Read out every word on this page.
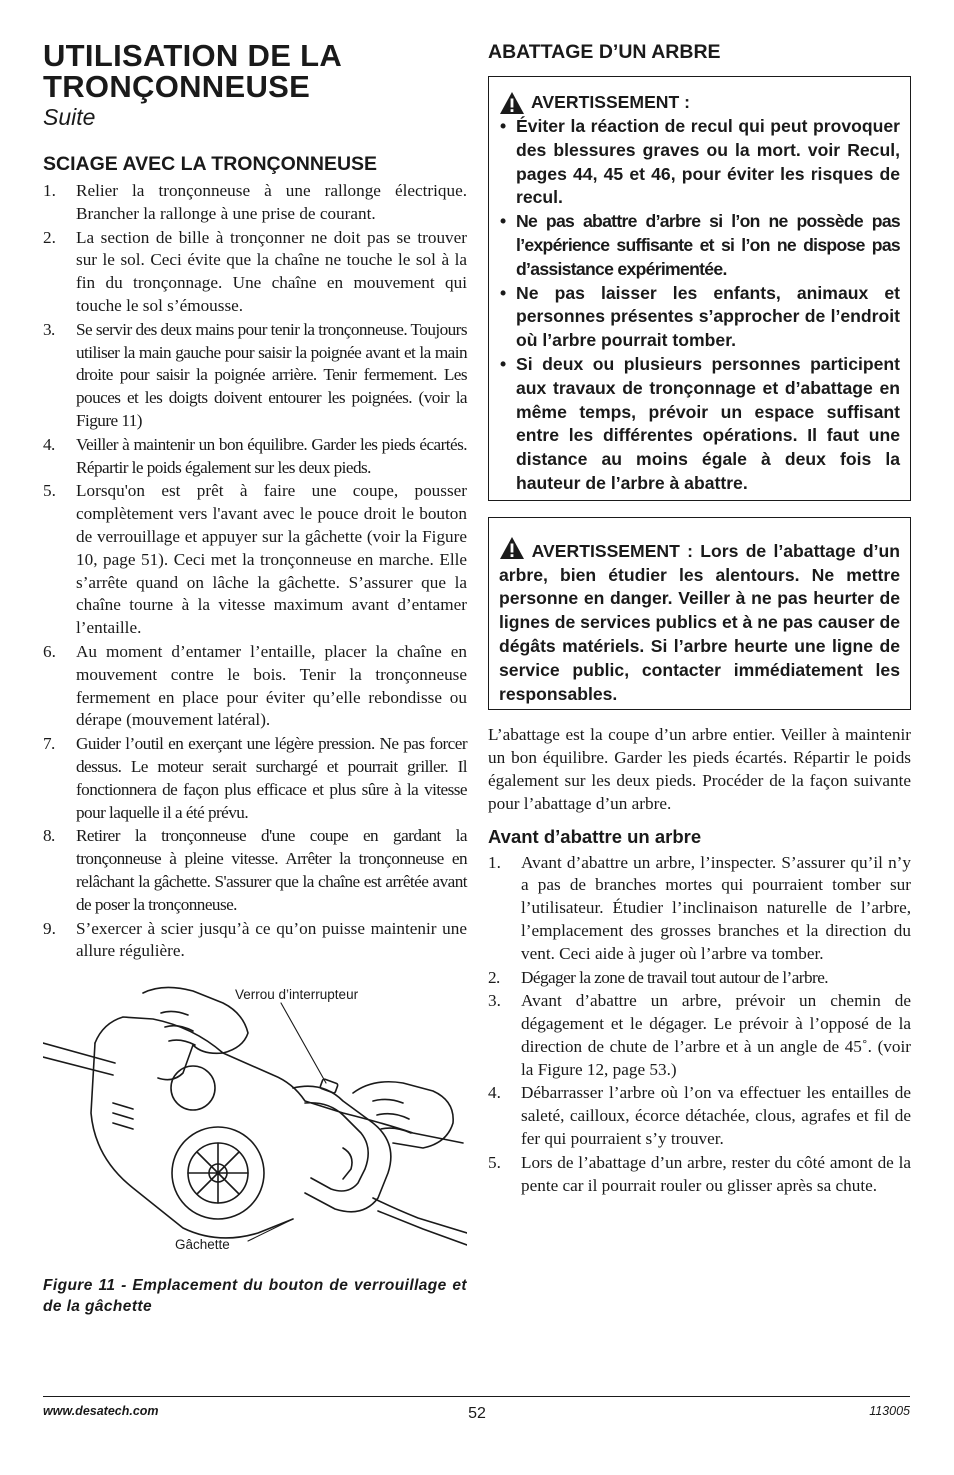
UTILISATION DE LA
TRONÇONNEUSE
Suite
SCIAGE AVEC LA TRONÇONNEUSE
1. Relier la tronçonneuse à une rallonge électrique. Brancher la rallonge à une prise de courant.
2. La section de bille à tronçonner ne doit pas se trouver sur le sol. Ceci évite que la chaîne ne touche le sol à la fin du tronçonnage. Une chaîne en mouvement qui touche le sol s’émousse.
3. Se servir des deux mains pour tenir la tronçonneuse. Toujours utiliser la main gauche pour saisir la poignée avant et la main droite pour saisir la poignée arrière. Tenir fermement. Les pouces et les doigts doivent entourer les poignées. (voir la Figure 11)
4. Veiller à maintenir un bon équilibre. Garder les pieds écartés. Répartir le poids également sur les deux pieds.
5. Lorsqu'on est prêt à faire une coupe, pousser complètement vers l'avant avec le pouce droit le bouton de verrouillage et appuyer sur la gâchette (voir la Figure 10, page 51). Ceci met la tronçonneuse en marche. Elle s’arrête quand on lâche la gâchette. S’assurer que la chaîne tourne à la vitesse maximum avant d’entamer l’entaille.
6. Au moment d’entamer l’entaille, placer la chaîne en mouvement contre le bois. Tenir la tronçonneuse fermement en place pour éviter qu’elle rebondisse ou dérape (mouvement latéral).
7. Guider l’outil en exerçant une légère pression. Ne pas forcer dessus. Le moteur serait surchargé et pourrait griller. Il fonctionnera de façon plus efficace et plus sûre à la vitesse pour laquelle il a été prévu.
8. Retirer la tronçonneuse d'une coupe en gardant la tronçonneuse à pleine vitesse. Arrêter la tronçonneuse en relâchant la gâchette. S'assurer que la chaîne est arrêtée avant de poser la tronçonneuse.
9. S’exercer à scier jusqu’à ce qu’on puisse maintenir une allure régulière.
Verrou d’interrupteur
Gâchette
Figure 11 - Emplacement du bouton de verrouillage et de la gâchette
ABATTAGE D’UN ARBRE
AVERTISSEMENT :
• Éviter la réaction de recul qui peut provoquer des blessures graves ou la mort. voir Recul, pages 44, 45 et 46, pour éviter les risques de recul.
• Ne pas abattre d’arbre si l’on ne possède pas l’expérience suffisante et si l’on ne dispose pas d’assistance expérimentée.
• Ne pas laisser les enfants, animaux et personnes présentes s’approcher de l’endroit où l’arbre pourrait tomber.
• Si deux ou plusieurs personnes participent aux travaux de tronçonnage et d’abattage en même temps, prévoir un espace suffisant entre les différentes opérations. Il faut une distance au moins égale à deux fois la hauteur de l’arbre à abattre.
AVERTISSEMENT : Lors de l’abattage d’un arbre, bien étudier les alentours. Ne mettre personne en danger. Veiller à ne pas heurter de lignes de services publics et à ne pas causer de dégâts matériels. Si l’arbre heurte une ligne de service public, contacter immédiatement les responsables.
L’abattage est la coupe d’un arbre entier. Veiller à maintenir un bon équilibre. Garder les pieds écartés. Répartir le poids également sur les deux pieds. Procéder de la façon suivante pour l’abattage d’un arbre.
Avant d’abattre un arbre
1. Avant d’abattre un arbre, l’inspecter. S’assurer qu’il n’y a pas de branches mortes qui pourraient tomber sur l’utilisateur. Étudier l’inclinaison naturelle de l’arbre, l’emplacement des grosses branches et la direction du vent. Ceci aide à juger où l’arbre va tomber.
2. Dégager la zone de travail tout autour de l’arbre.
3. Avant d’abattre un arbre, prévoir un chemin de dégagement et le dégager. Le prévoir à l’opposé de la direction de chute de l’arbre et à un angle de 45˚. (voir la Figure 12, page 53.)
4. Débarrasser l’arbre où l’on va effectuer les entailles de saleté, cailloux, écorce détachée, clous, agrafes et fil de fer qui pourraient s’y trouver.
5. Lors de l’abattage d’un arbre, rester du côté amont de la pente car il pourrait rouler ou glisser après sa chute.
www.desatech.com	52	113005
